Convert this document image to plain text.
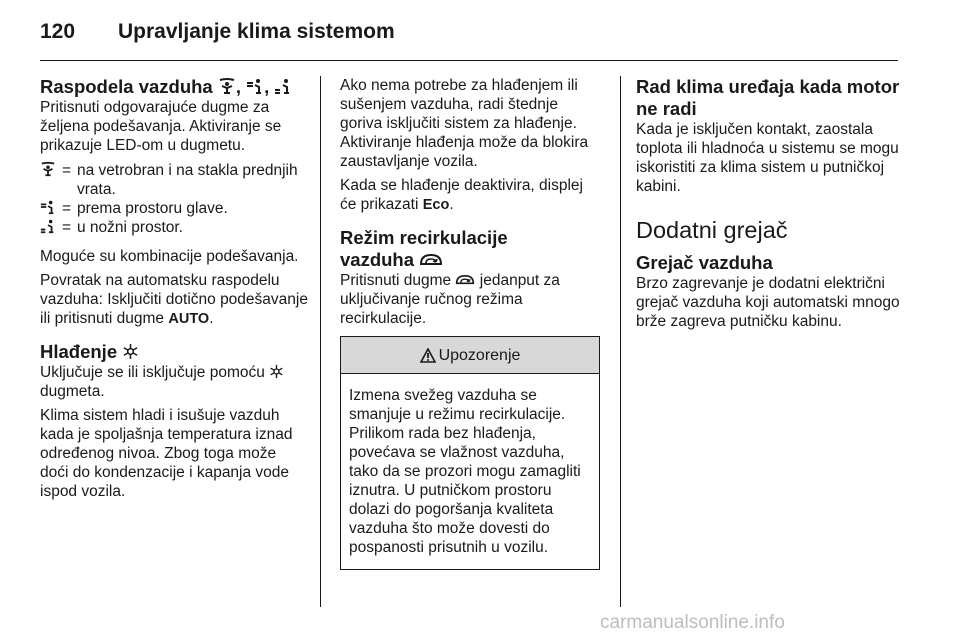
120 Upravljanje klima sistemom
Raspodela vazduha , ,

Pritisnuti odgovarajuće dugme za željena podešavanja. Aktiviranje se prikazuje LED-om u dugmetu.

= na vetrobran i na stakla prednjih vrata.
= prema prostoru glave.
= u nožni prostor.

Moguće su kombinacije podešavanja.

Povratak na automatsku raspodelu vazduha: Isključiti dotično podešavanje ili pritisnuti dugme AUTO.

Hlađenje

Uključuje se ili isključuje pomoću
dugmeta.

Klima sistem hladi i isušuje vazduh kada je spoljašnja temperatura iznad određenog nivoa. Zbog toga može doći do kondenzacije i kapanja vode ispod vozila.

Ako nema potrebe za hlađenjem ili sušenjem vazduha, radi štednje goriva isključiti sistem za hlađenje. Aktiviranje hlađenja može da blokira zaustavljanje vozila.

Kada se hlađenje deaktivira, displej će prikazati Eco.

Režim recirkulacije
vazduha

Pritisnuti dugme jedanput za uključivanje ručnog režima recirkulacije.

Upozorenje
Izmena svežeg vazduha se smanjuje u režimu recirkulacije. Prilikom rada bez hlađenja, povećava se vlažnost vazduha, tako da se prozori mogu zamagliti iznutra. U putničkom prostoru dolazi do pogoršanja kvaliteta vazduha što može dovesti do pospanosti prisutnih u vozilu.
Rad klima uređaja kada motor ne radi

Kada je isključen kontakt, zaostala toplota ili hladnoća u sistemu se mogu iskoristiti za klima sistem u putničkoj kabini.

Dodatni grejač
Grejač vazduha

Brzo zagrevanje je dodatni električni grejač vazduha koji automatski mnogo brže zagreva putničku kabinu.

carmanualsonline.info
